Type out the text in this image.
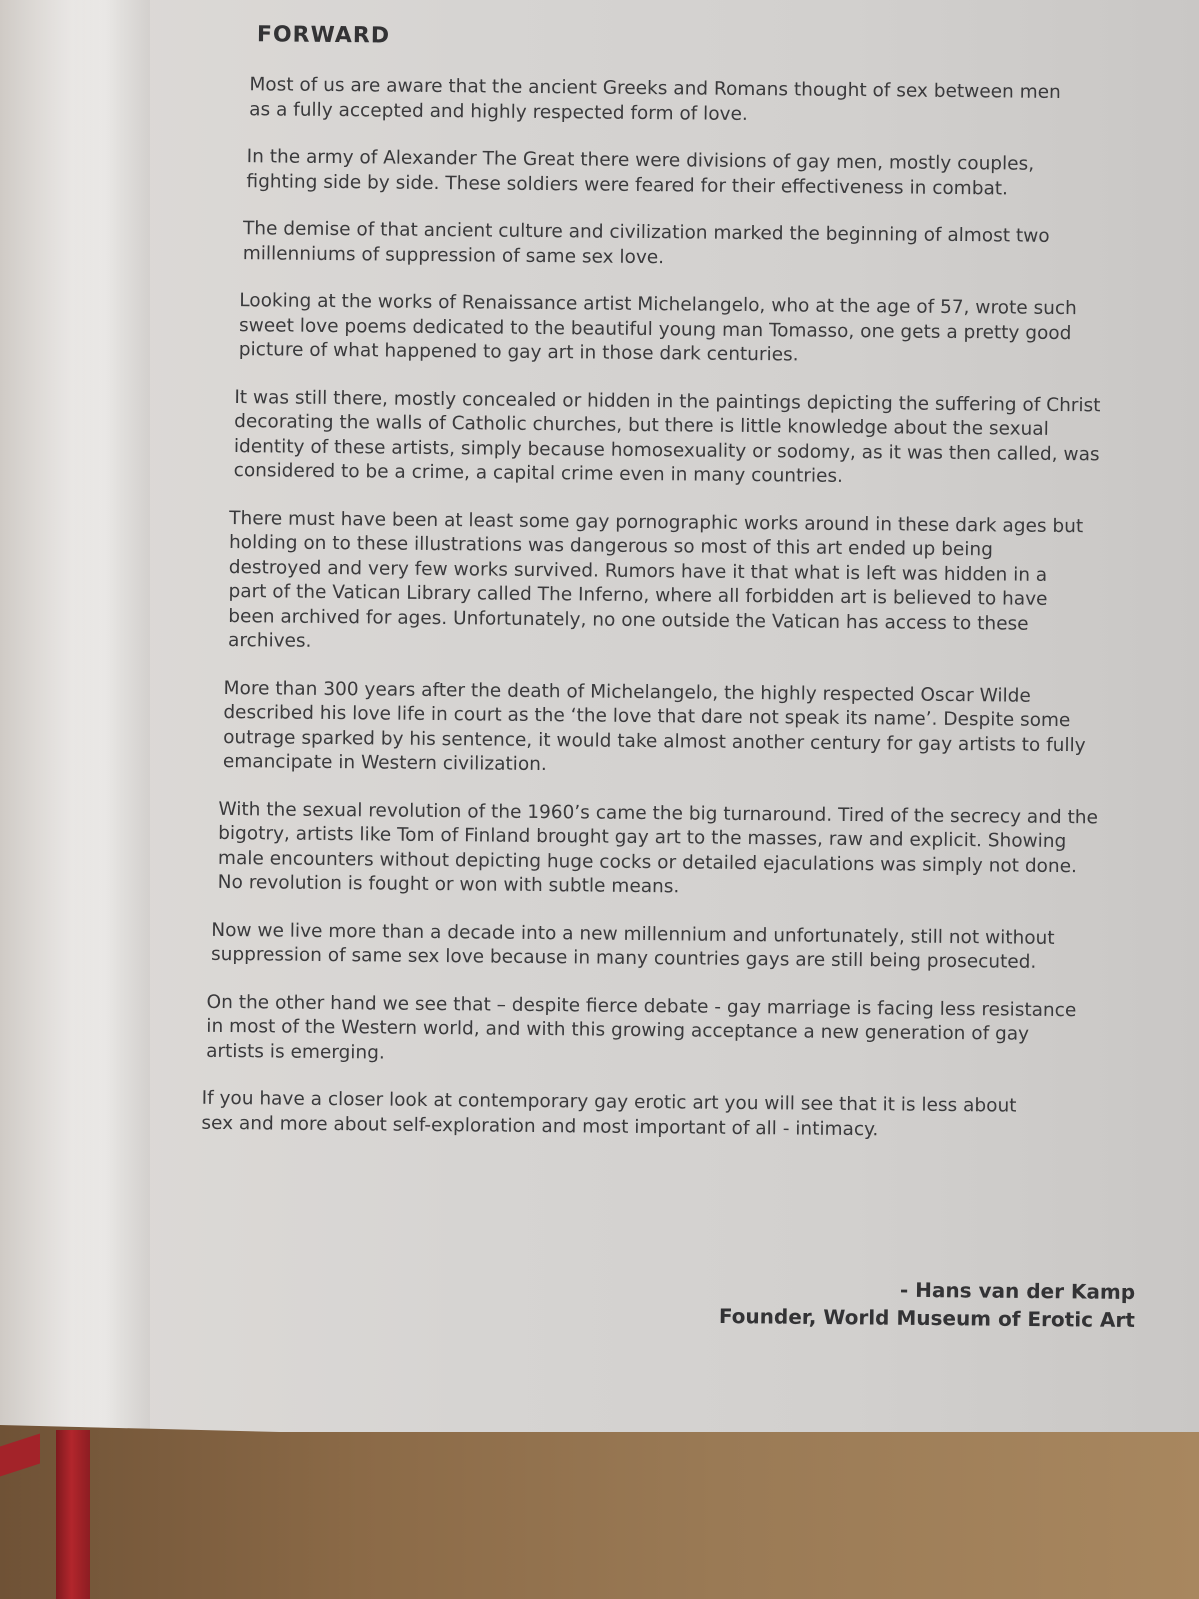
FORWARD

Most of us are aware that the ancient Greeks and Romans thought of sex between men as a fully accepted and highly respected form of love.

In the army of Alexander The Great there were divisions of gay men, mostly couples, fighting side by side. These soldiers were feared for their effectiveness in combat.

The demise of that ancient culture and civilization marked the beginning of almost two millenniums of suppression of same sex love.

Looking at the works of Renaissance artist Michelangelo, who at the age of 57, wrote such sweet love poems dedicated to the beautiful young man Tomasso, one gets a pretty good picture of what happened to gay art in those dark centuries.

It was still there, mostly concealed or hidden in the paintings depicting the suffering of Christ decorating the walls of Catholic churches, but there is little knowledge about the sexual identity of these artists, simply because homosexuality or sodomy, as it was then called, was considered to be a crime, a capital crime even in many countries.

There must have been at least some gay pornographic works around in these dark ages but holding on to these illustrations was dangerous so most of this art ended up being destroyed and very few works survived. Rumors have it that what is left was hidden in a part of the Vatican Library called The Inferno, where all forbidden art is believed to have been archived for ages. Unfortunately, no one outside the Vatican has access to these archives.

More than 300 years after the death of Michelangelo, the highly respected Oscar Wilde described his love life in court as the ‘the love that dare not speak its name’. Despite some outrage sparked by his sentence, it would take almost another century for gay artists to fully emancipate in Western civilization.

With the sexual revolution of the 1960’s came the big turnaround. Tired of the secrecy and the bigotry, artists like Tom of Finland brought gay art to the masses, raw and explicit. Showing male encounters without depicting huge cocks or detailed ejaculations was simply not done. No revolution is fought or won with subtle means.

Now we live more than a decade into a new millennium and unfortunately, still not without suppression of same sex love because in many countries gays are still being prosecuted.

On the other hand we see that – despite fierce debate - gay marriage is facing less resistance in most of the Western world, and with this growing acceptance a new generation of gay artists is emerging.

If you have a closer look at contemporary gay erotic art you will see that it is less about sex and more about self-exploration and most important of all - intimacy.

- Hans van der Kamp
Founder, World Museum of Erotic Art
